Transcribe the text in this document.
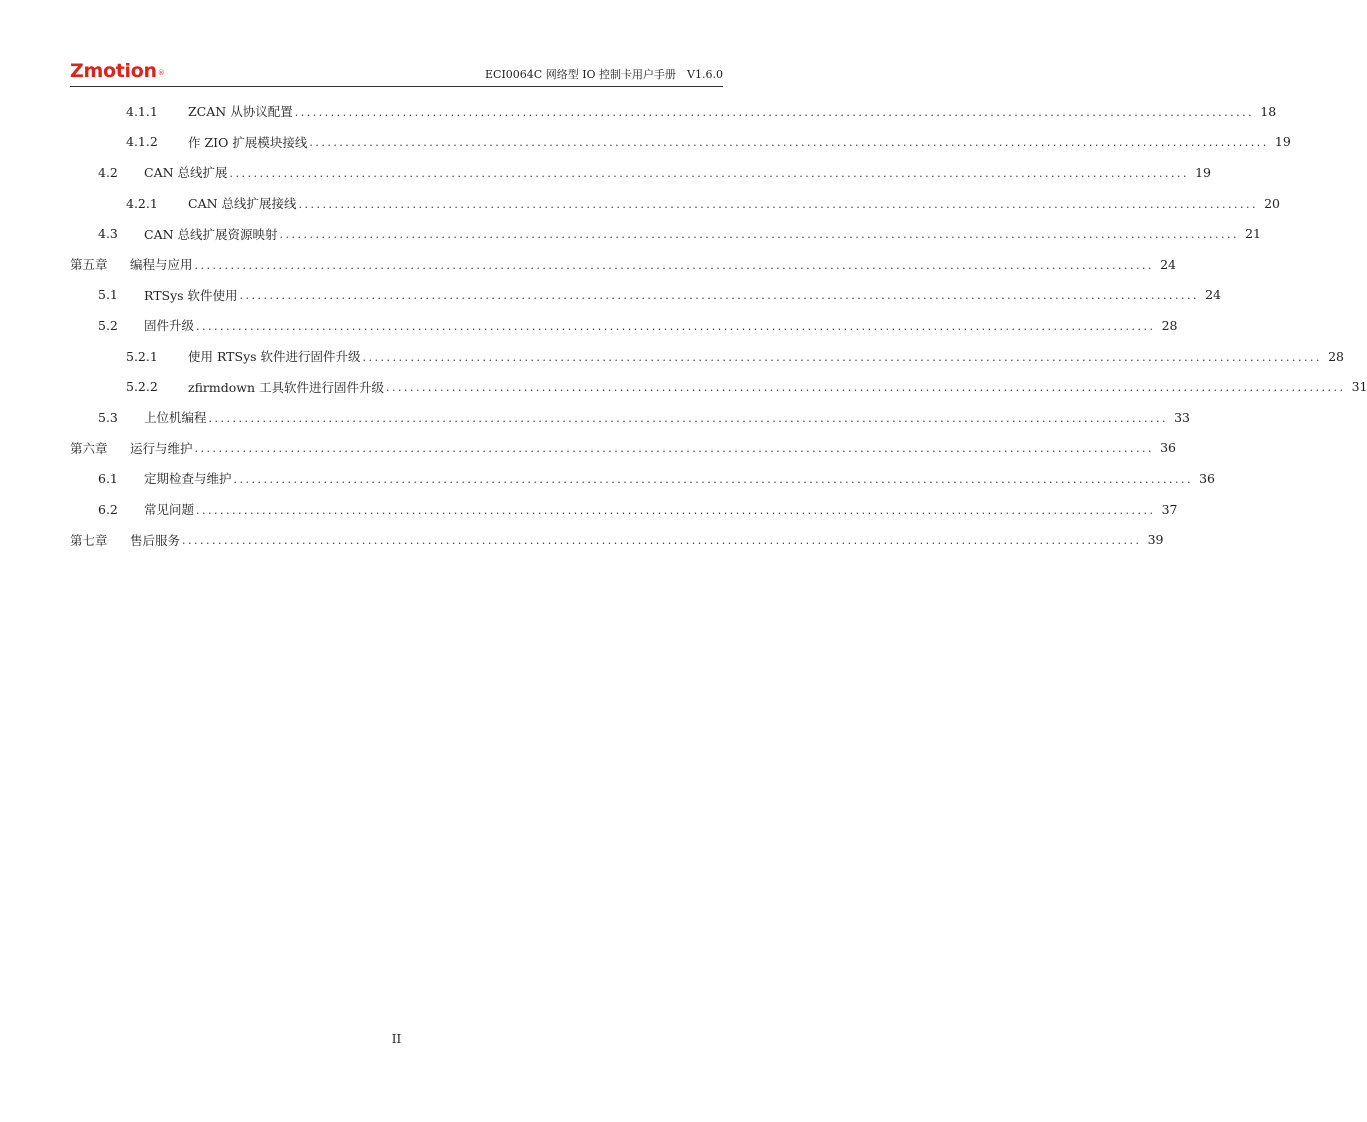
Zmotion®	ECI0064C 网络型 IO 控制卡用户手册　V1.6.0
4.1.1	ZCAN 从协议配置 ................................................................................................................................................................ 18
4.1.2	作 ZIO 扩展模块接线 ................................................................................................................................................................ 19
4.2	CAN 总线扩展 ................................................................................................................................................................ 19
4.2.1	CAN 总线扩展接线 ................................................................................................................................................................ 20
4.3	CAN 总线扩展资源映射 ................................................................................................................................................................ 21
第五章	编程与应用 ................................................................................................................................................................ 24
5.1	RTSys 软件使用 ................................................................................................................................................................ 24
5.2	固件升级 ................................................................................................................................................................ 28
5.2.1	使用 RTSys 软件进行固件升级 ................................................................................................................................................................ 28
5.2.2	zfirmdown 工具软件进行固件升级 ................................................................................................................................................................ 31
5.3	上位机编程 ................................................................................................................................................................ 33
第六章	运行与维护 ................................................................................................................................................................ 36
6.1	定期检查与维护 ................................................................................................................................................................ 36
6.2	常见问题 ................................................................................................................................................................ 37
第七章	售后服务 ................................................................................................................................................................ 39
II
